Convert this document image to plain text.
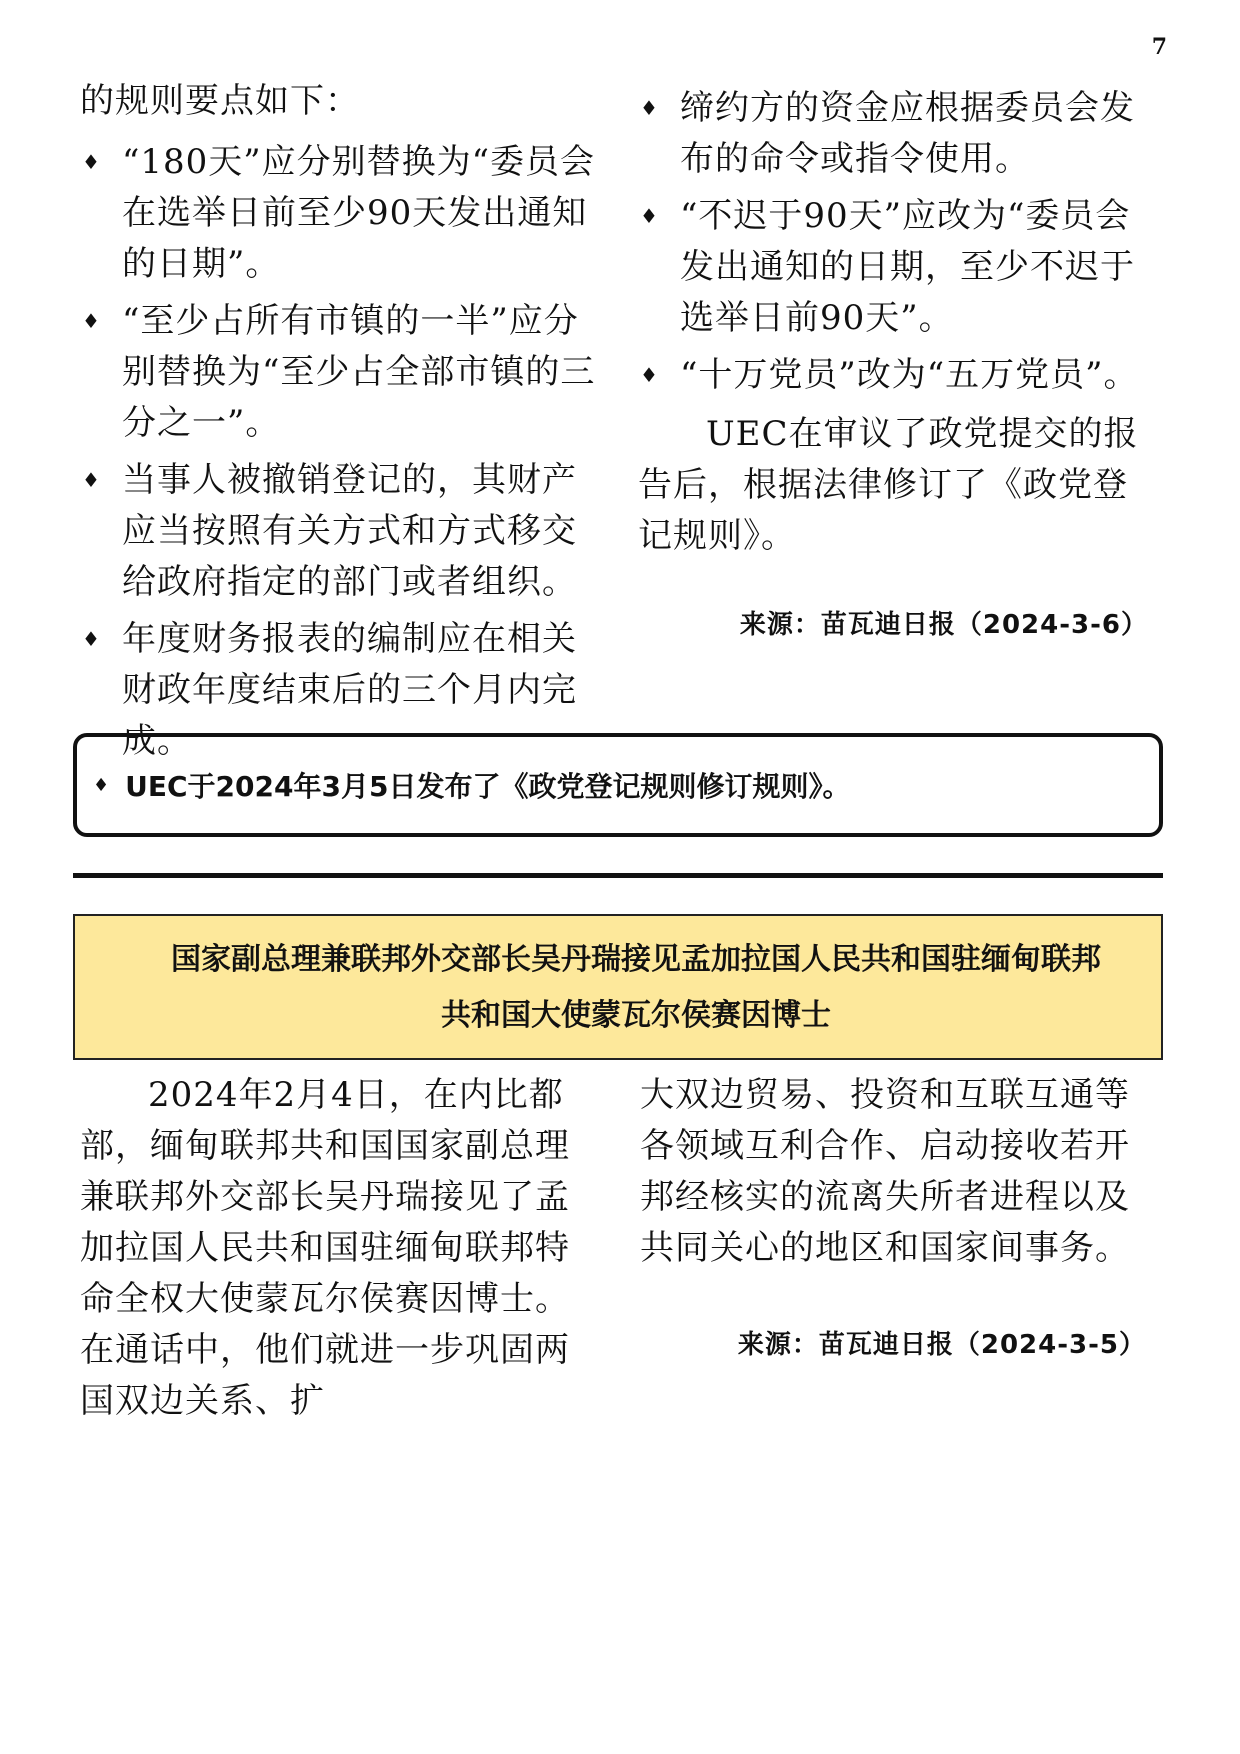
7

的规则要点如下：

♦ “180天”应分别替换为“委员会在选举日前至少90天发出通知的日期”。
♦ “至少占所有市镇的一半”应分别替换为“至少占全部市镇的三分之一”。
♦ 当事人被撤销登记的，其财产应当按照有关方式和方式移交给政府指定的部门或者组织。
♦ 年度财务报表的编制应在相关财政年度结束后的三个月内完成。
♦ 缔约方的资金应根据委员会发布的命令或指令使用。
♦ “不迟于90天”应改为“委员会发出通知的日期，至少不迟于选举日前90天”。
♦ “十万党员”改为“五万党员”。

UEC在审议了政党提交的报告后，根据法律修订了《政党登记规则》。

来源：苗瓦迪日报（2024-3-6）

♦ UEC于2024年3月5日发布了《政党登记规则修订规则》。
国家副总理兼联邦外交部长吴丹瑞接见孟加拉国人民共和国驻缅甸联邦
共和国大使蒙瓦尔侯赛因博士

2024年2月4日，在内比都部，缅甸联邦共和国国家副总理兼联邦外交部长吴丹瑞接见了孟加拉国人民共和国驻缅甸联邦特命全权大使蒙瓦尔侯赛因博士。在通话中，他们就进一步巩固两国双边关系、扩

大双边贸易、投资和互联互通等各领域互利合作、启动接收若开邦经核实的流离失所者进程以及共同关心的地区和国家间事务。

来源：苗瓦迪日报（2024-3-5）
